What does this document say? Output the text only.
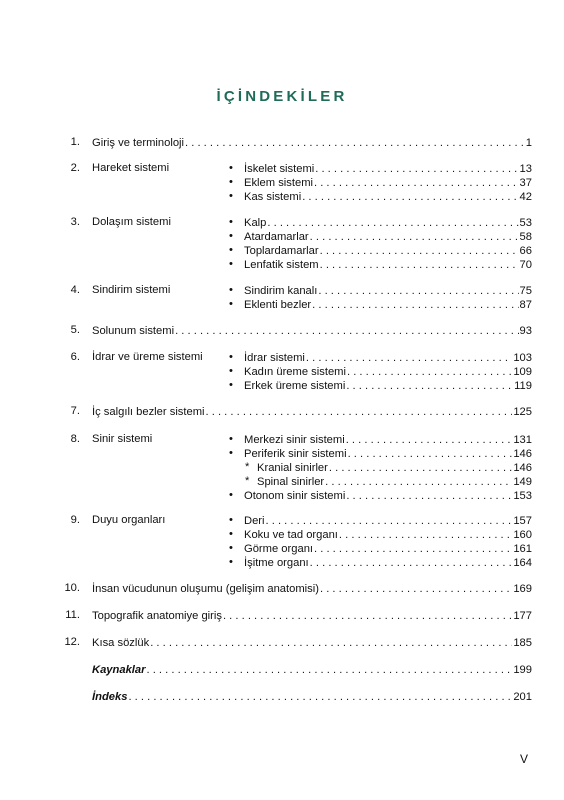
İÇİNDEKİLER
1. Giriş ve terminoloji . . .	1
2. Hareket sistemi	• İskelet sistemi . . .	13
• Eklem sistemi . . .	37
• Kas sistemi . . .	42
3. Dolaşım sistemi	• Kalp . . .	53
• Atardamarlar . . .	58
• Toplardamarlar . . .	66
• Lenfatik sistem . . .	70
4. Sindirim sistemi	• Sindirim kanalı . . .	75
• Eklenti bezler . . .	87
5. Solunum sistemi . . .	93
6. İdrar ve üreme sistemi • İdrar sistemi . . .	103
• Kadın üreme sistemi . . .	109
• Erkek üreme sistemi . . .	119
7. İç salgılı bezler sistemi . . .	125
8. Sinir sistemi	• Merkezi sinir sistemi . . .	131
• Periferik sinir sistemi . . .	146
* Kranial sinirler . . .	146
* Spinal sinirler . . .	149
• Otonom sinir sistemi . . .	153
9. Duyu organları	• Deri . . .	157
• Koku ve tad organı . . .	160
• Görme organı . . .	161
• İşitme organı . . .	164
10. İnsan vücudunun oluşumu (gelişim anatomisi) . . .	169
11. Topografik anatomiye giriş . . .	177
12. Kısa sözlük . . .	185
Kaynaklar . . .	199
İndeks . . .	201
V
